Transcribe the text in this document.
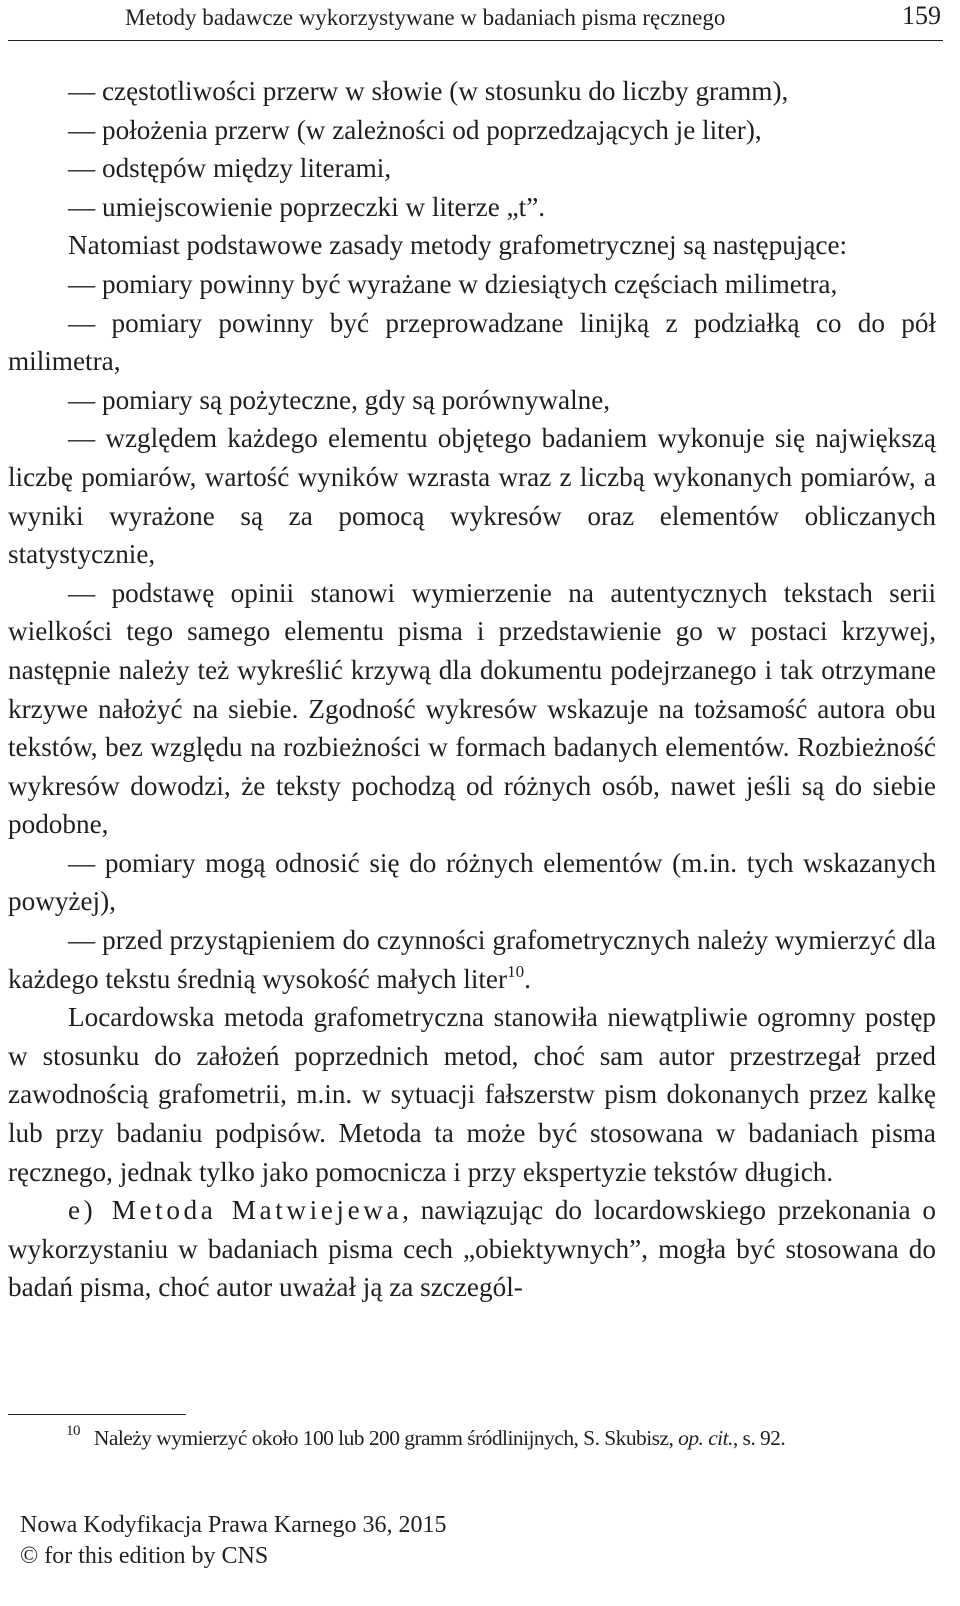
Metody badawcze wykorzystywane w badaniach pisma ręcznego	159

— częstotliwości przerw w słowie (w stosunku do liczby gramm),

— położenia przerw (w zależności od poprzedzających je liter),

— odstępów między literami,

— umiejscowienie poprzeczki w literze „t”.

Natomiast podstawowe zasady metody grafometrycznej są następujące:

— pomiary powinny być wyrażane w dziesiątych częściach milimetra,

— pomiary powinny być przeprowadzane linijką z podziałką co do pół milimetra,

— pomiary są pożyteczne, gdy są porównywalne,

— względem każdego elementu objętego badaniem wykonuje się największą liczbę pomiarów, wartość wyników wzrasta wraz z liczbą wykonanych pomiarów, a wyniki wyrażone są za pomocą wykresów oraz elementów obliczanych statystycznie,

— podstawę opinii stanowi wymierzenie na autentycznych tekstach serii wielkości tego samego elementu pisma i przedstawienie go w postaci krzywej, następnie należy też wykreślić krzywą dla dokumentu podejrzanego i tak otrzymane krzywe nałożyć na siebie. Zgodność wykresów wskazuje na tożsamość autora obu tekstów, bez względu na rozbieżności w formach badanych elementów. Rozbieżność wykresów dowodzi, że teksty pochodzą od różnych osób, nawet jeśli są do siebie podobne,

— pomiary mogą odnosić się do różnych elementów (m.in. tych wskazanych powyżej),

— przed przystąpieniem do czynności grafometrycznych należy wymierzyć dla każdego tekstu średnią wysokość małych liter$^{10}$.

Locardowska metoda grafometryczna stanowiła niewątpliwie ogromny postęp w stosunku do założeń poprzednich metod, choć sam autor przestrzegał przed zawodnością grafometrii, m.in. w sytuacji fałszerstw pism dokonanych przez kalkę lub przy badaniu podpisów. Metoda ta może być stosowana w badaniach pisma ręcznego, jednak tylko jako pomocnicza i przy ekspertyzie tekstów długich.

e) Metoda Matwiejewa, nawiązując do locardowskiego przekonania o wykorzystaniu w badaniach pisma cech „obiektywnych”, mogła być stosowana do badań pisma, choć autor uważał ją za szczegól-

$^{10}$ Należy wymierzyć około 100 lub 200 gramm śródlinijnych, S. Skubisz, op. cit., s. 92.
Nowa Kodyfikacja Prawa Karnego 36, 2015
© for this edition by CNS
